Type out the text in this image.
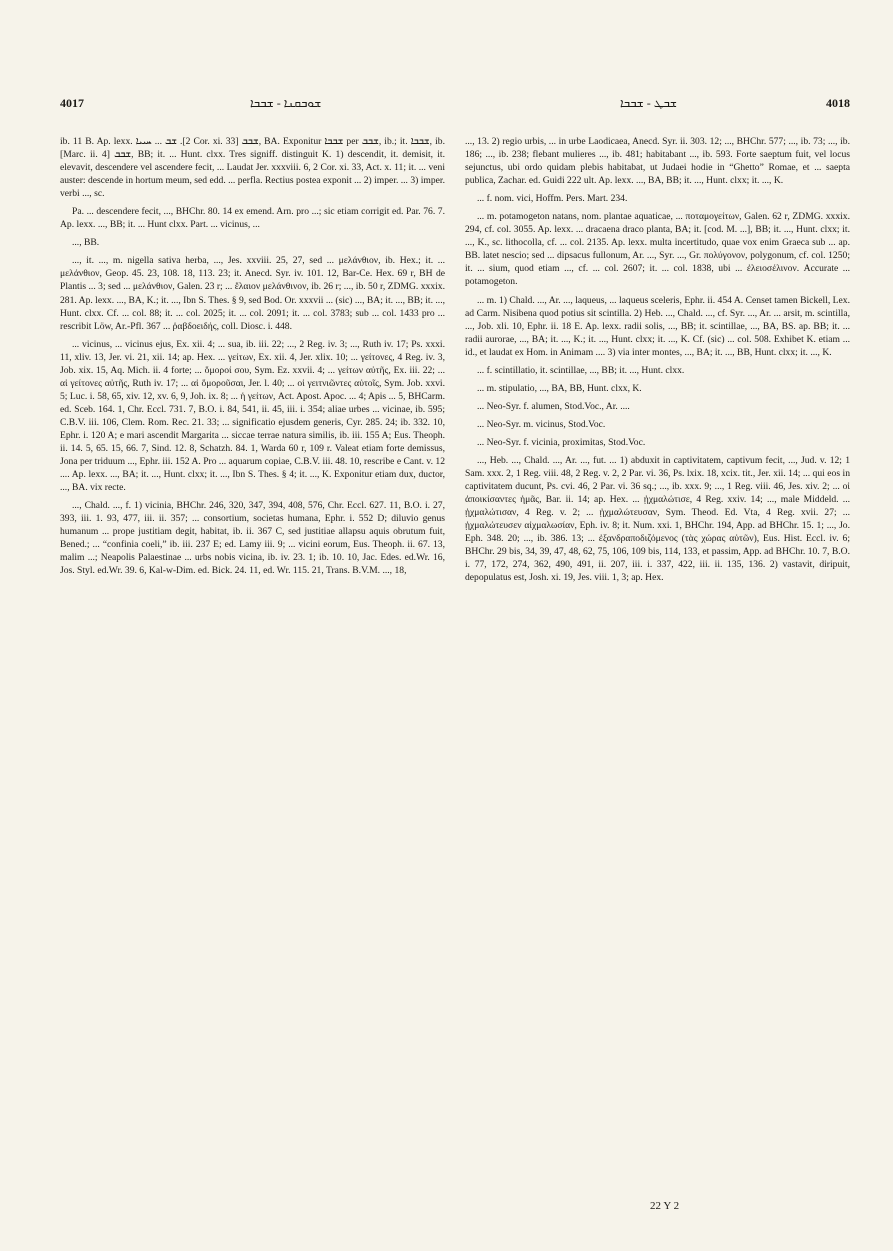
4017	ܫܘܒܩܢܐ - ܫܒܒܐ	ܫܒܛ - ܫܒܒܐ	4018

ib. 11 B. Ap. lexx. ܫܒ ... ܚܝܝܐ .[2 Cor. xi. 33] ܫܒܒ, BA. Exponitur ܫܒܒܐ per ܫܒܒ, ib.; it. ܫܒܒܐ, ib. [Marc. ii. 4] ܫܒܒ, BB; it. ... Hunt. clxx. Tres signiff. distinguit K. 1) descendit, it. demisit, it. elevavit, descendere vel ascendere fecit, ... Laudat Jer. xxxviii. 6, 2 Cor. xi. 33, Act. x. 11; it. ... veni auster: descende in hortum meum, sed edd. ... perfla. Rectius postea exponit ... 2) imper. ... 3) imper. verbi ..., sc.

Pa. ... descendere fecit, ..., BHChr. 80. 14 ex emend. Arn. pro ...; sic etiam corrigit ed. Par. 76. 7. Ap. lexx. ..., BB; it. ... Hunt clxx. Part. ... vicinus, ...

..., BB.

..., it. ..., m. nigella sativa herba, ..., Jes. xxviii. 25, 27, sed ... μελάνθιον, ib. Hex.; it. ... μελάνθιον, Geop. 45. 23, 108. 18, 113. 23; it. Anecd. Syr. iv. 101. 12, Bar-Ce. Hex. 69 r, BH de Plantis ... 3; sed ... μελάνθιον, Galen. 23 r; ... ἔλαιον μελάνθινον, ib. 26 r; ..., ib. 50 r, ZDMG. xxxix. 281. Ap. lexx. ..., BA, K.; it. ..., Ibn S. Thes. § 9, sed Bod. Or. xxxvii ... (sic) ..., BA; it. ..., BB; it. ..., Hunt. clxx. Cf. ... col. 88; it. ... col. 2025; it. ... col. 2091; it. ... col. 3783; sub ... col. 1433 pro ... rescribit Löw, Ar.-Pfl. 367 ... ῥαβδοειδής, coll. Diosc. i. 448.

... vicinus, ... vicinus ejus, Ex. xii. 4; ... sua, ib. iii. 22; ..., 2 Reg. iv. 3; ..., Ruth iv. 17; Ps. xxxi. 11, xliv. 13, Jer. vi. 21, xii. 14; ap. Hex. ... γείτων, Ex. xii. 4, Jer. xlix. 10; ... γείτονες, 4 Reg. iv. 3, Job. xix. 15, Aq. Mich. ii. 4 forte; ... ὅμοροί σου, Sym. Ez. xxvii. 4; ... γείτων αὐτῆς, Ex. iii. 22; ... αἱ γείτονες αὐτῆς, Ruth iv. 17; ... αἱ ὅμοροῦσαι, Jer. l. 40; ... οἱ γειτνιῶντες αὐτοῖς, Sym. Job. xxvi. 5; Luc. i. 58, 65, xiv. 12, xv. 6, 9, Joh. ix. 8; ... ἡ γείτων, Act. Apost. Apoc. ... 4; Apis ... 5, BHCarm. ed. Sceb. 164. 1, Chr. Eccl. 731. 7, B.O. i. 84, 541, ii. 45, iii. i. 354; aliae urbes ... vicinae, ib. 595; C.B.V. iii. 106, Clem. Rom. Rec. 21. 33; ... significatio ejusdem generis, Cyr. 285. 24; ib. 332. 10, Ephr. i. 120 A; e mari ascendit Margarita ... siccae terrae natura similis, ib. iii. 155 A; Eus. Theoph. ii. 14. 5, 65. 15, 66. 7, Sind. 12. 8, Schatzh. 84. 1, Warda 60 r, 109 r. Valeat etiam forte demissus, Jona per triduum ..., Ephr. iii. 152 A. Pro ... aquarum copiae, C.B.V. iii. 48. 10, rescribe e Cant. v. 12 .... Ap. lexx. ..., BA; it. ..., Hunt. clxx; it. ..., Ibn S. Thes. § 4; it. ..., K. Exponitur etiam dux, ductor, ..., BA. vix recte.

..., Chald. ..., f. 1) vicinia, BHChr. 246, 320, 347, 394, 408, 576, Chr. Eccl. 627. 11, B.O. i. 27, 393, iii. 1. 93, 477, iii. ii. 357; ... consortium, societas humana, Ephr. i. 552 D; diluvio genus humanum ... prope justitiam degit, habitat, ib. ii. 367 C, sed justitiae allapsu aquis obrutum fuit, Bened.; ... “confinia coeli,” ib. iii. 237 E; ed. Lamy iii. 9; ... vicini eorum, Eus. Theoph. ii. 67. 13, malim ...; Neapolis Palaestinae ... urbs nobis vicina, ib. iv. 23. 1; ib. 10. 10, Jac. Edes. ed.Wr. 16, Jos. Styl. ed.Wr. 39. 6, Kal-w-Dim. ed. Bick. 24. 11, ed. Wr. 115. 21, Trans. B.V.M. ..., 18,

..., 13. 2) regio urbis, ... in urbe Laodicaea, Anecd. Syr. ii. 303. 12; ..., BHChr. 577; ..., ib. 73; ..., ib. 186; ..., ib. 238; flebant mulieres ..., ib. 481; habitabant ..., ib. 593. Forte saeptum fuit, vel locus sejunctus, ubi ordo quidam plebis habitabat, ut Judaei hodie in “Ghetto” Romae, et ... saepta publica, Zachar. ed. Guidi 222 ult. Ap. lexx. ..., BA, BB; it. ..., Hunt. clxx; it. ..., K.

... f. nom. vici, Hoffm. Pers. Mart. 234.

... m. potamogeton natans, nom. plantae aquaticae, ... ποταμογείτων, Galen. 62 r, ZDMG. xxxix. 294, cf. col. 3055. Ap. lexx. ... dracaena draco planta, BA; it. [cod. M. ...], BB; it. ..., Hunt. clxx; it. ..., K., sc. lithocolla, cf. ... col. 2135. Ap. lexx. multa incertitudo, quae vox enim Graeca sub ... ap. BB. latet nescio; sed ... dipsacus fullonum, Ar. ..., Syr. ..., Gr. πολύγονον, polygonum, cf. col. 1250; it. ... sium, quod etiam ..., cf. ... col. 2607; it. ... col. 1838, ubi ... ἐλειοσέλινον. Accurate ... potamogeton.

... m. 1) Chald. ..., Ar. ..., laqueus, ... laqueus sceleris, Ephr. ii. 454 A. Censet tamen Bickell, Lex. ad Carm. Nisibena quod potius sit scintilla. 2) Heb. ..., Chald. ..., cf. Syr. ..., Ar. ... arsit, m. scintilla, ..., Job. xli. 10, Ephr. ii. 18 E. Ap. lexx. radii solis, ..., BB; it. scintillae, ..., BA, BS. ap. BB; it. ... radii aurorae, ..., BA; it. ..., K.; it. ..., Hunt. clxx; it. ..., K. Cf. (sic) ... col. 508. Exhibet K. etiam ... id., et laudat ex Hom. in Animam .... 3) via inter montes, ..., BA; it. ..., BB, Hunt. clxx; it. ..., K.

... f. scintillatio, it. scintillae, ..., BB; it. ..., Hunt. clxx.

... m. stipulatio, ..., BA, BB, Hunt. clxx, K.

... Neo-Syr. f. alumen, Stod.Voc., Ar. ....

... Neo-Syr. m. vicinus, Stod.Voc.

... Neo-Syr. f. vicinia, proximitas, Stod.Voc.

..., Heb. ..., Chald. ..., Ar. ..., fut. ... 1) abduxit in captivitatem, captivum fecit, ..., Jud. v. 12; 1 Sam. xxx. 2, 1 Reg. viii. 48, 2 Reg. v. 2, 2 Par. vi. 36, Ps. lxix. 18, xcix. tit., Jer. xii. 14; ... qui eos in captivitatem ducunt, Ps. cvi. 46, 2 Par. vi. 36 sq.; ..., ib. xxx. 9; ..., 1 Reg. viii. 46, Jes. xiv. 2; ... οἱ ἀποικίσαντες ἡμᾶς, Bar. ii. 14; ap. Hex. ... ᾐχμαλώτισε, 4 Reg. xxiv. 14; ..., male Middeld. ... ᾐχμαλώτισαν, 4 Reg. v. 2; ... ᾐχμαλώτευσαν, Sym. Theod. Ed. Vta, 4 Reg. xvii. 27; ... ᾐχμαλώτευσεν αἰχμαλωσίαν, Eph. iv. 8; it. Num. xxi. 1, BHChr. 194, App. ad BHChr. 15. 1; ..., Jo. Eph. 348. 20; ..., ib. 386. 13; ... ἐξανδραποδιζόμενος (τὰς χώρας αὐτῶν), Eus. Hist. Eccl. iv. 6; BHChr. 29 bis, 34, 39, 47, 48, 62, 75, 106, 109 bis, 114, 133, et passim, App. ad BHChr. 10. 7, B.O. i. 77, 172, 274, 362, 490, 491, ii. 207, iii. i. 337, 422, iii. ii. 135, 136. 2) vastavit, diripuit, depopulatus est, Josh. xi. 19, Jes. viii. 1, 3; ap. Hex.

22 Y 2
